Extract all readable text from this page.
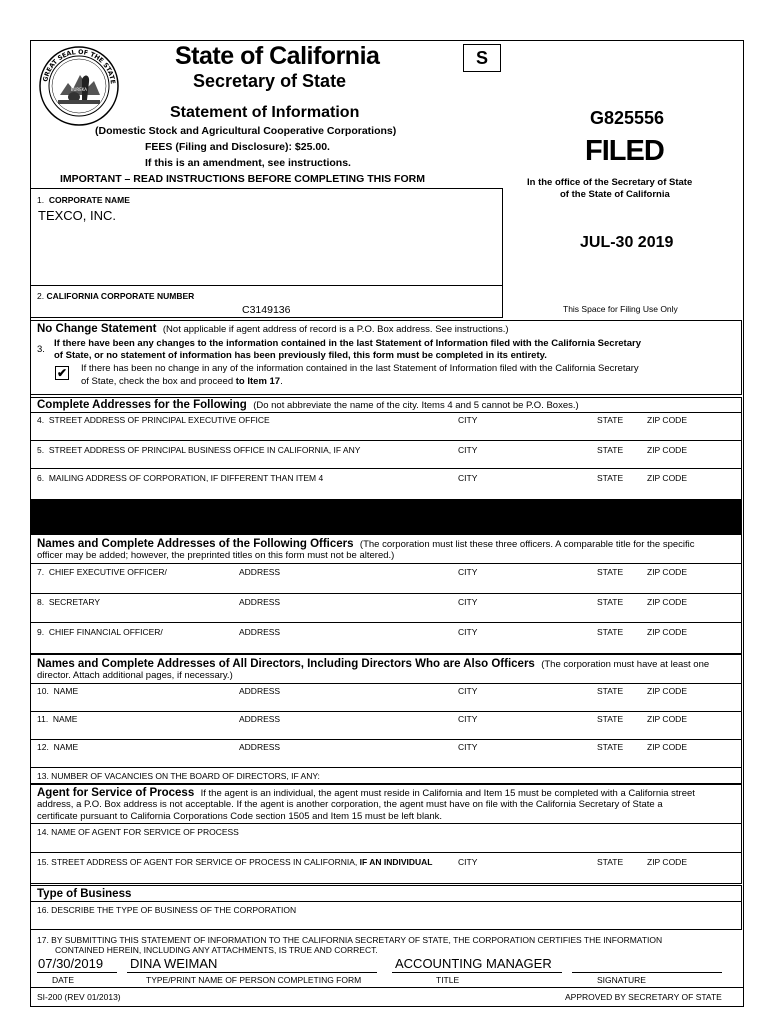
EUREKA
GREAT SEAL OF THE STATE
State of California	S
Secretary of State
Statement of Information
(Domestic Stock and Agricultural Cooperative Corporations)
FEES (Filing and Disclosure): $25.00.
If this is an amendment, see instructions.
IMPORTANT – READ INSTRUCTIONS BEFORE COMPLETING THIS FORM
G825556
FILED
In the office of the Secretary of State
of the State of California
JUL-30 2019
This Space for Filing Use Only
1. CORPORATE NAME
TEXCO, INC.
2. CALIFORNIA CORPORATE NUMBER
C3149136
No Change Statement (Not applicable if agent address of record is a P.O. Box address. See instructions.)
3.
If there have been any changes to the information contained in the last Statement of Information filed with the California Secretary
of State, or no statement of information has been previously filed, this form must be completed in its entirety.
✔ If there has been no change in any of the information contained in the last Statement of Information filed with the California Secretary
of State, check the box and proceed to Item 17.
Complete Addresses for the Following (Do not abbreviate the name of the city. Items 4 and 5 cannot be P.O. Boxes.)
4. STREET ADDRESS OF PRINCIPAL EXECUTIVE OFFICE	CITY	STATE	ZIP CODE
5. STREET ADDRESS OF PRINCIPAL BUSINESS OFFICE IN CALIFORNIA, IF ANY	CITY	STATE	ZIP CODE
6. MAILING ADDRESS OF CORPORATION, IF DIFFERENT THAN ITEM 4	CITY	STATE	ZIP CODE
Names and Complete Addresses of the Following Officers (The corporation must list these three officers. A comparable title for the specific
officer may be added; however, the preprinted titles on this form must not be altered.)
7. CHIEF EXECUTIVE OFFICER/	ADDRESS	CITY	STATE	ZIP CODE
8. SECRETARY	ADDRESS	CITY	STATE	ZIP CODE
9. CHIEF FINANCIAL OFFICER/	ADDRESS	CITY	STATE	ZIP CODE
Names and Complete Addresses of All Directors, Including Directors Who are Also Officers (The corporation must have at least one
director. Attach additional pages, if necessary.)
10. NAME	ADDRESS	CITY	STATE	ZIP CODE
11. NAME	ADDRESS	CITY	STATE	ZIP CODE
12. NAME	ADDRESS	CITY	STATE	ZIP CODE
13. NUMBER OF VACANCIES ON THE BOARD OF DIRECTORS, IF ANY:
Agent for Service of Process If the agent is an individual, the agent must reside in California and Item 15 must be completed with a California street
address, a P.O. Box address is not acceptable. If the agent is another corporation, the agent must have on file with the California Secretary of State a
certificate pursuant to California Corporations Code section 1505 and Item 15 must be left blank.
14. NAME OF AGENT FOR SERVICE OF PROCESS
15. STREET ADDRESS OF AGENT FOR SERVICE OF PROCESS IN CALIFORNIA, IF AN INDIVIDUAL	CITY	STATE	ZIP CODE
Type of Business
16. DESCRIBE THE TYPE OF BUSINESS OF THE CORPORATION
17. BY SUBMITTING THIS STATEMENT OF INFORMATION TO THE CALIFORNIA SECRETARY OF STATE, THE CORPORATION CERTIFIES THE INFORMATION
CONTAINED HEREIN, INCLUDING ANY ATTACHMENTS, IS TRUE AND CORRECT.
07/30/2019 DINA WEIMAN	ACCOUNTING MANAGER
DATE	TYPE/PRINT NAME OF PERSON COMPLETING FORM	TITLE	SIGNATURE
SI-200 (REV 01/2013)	APPROVED BY SECRETARY OF STATE
